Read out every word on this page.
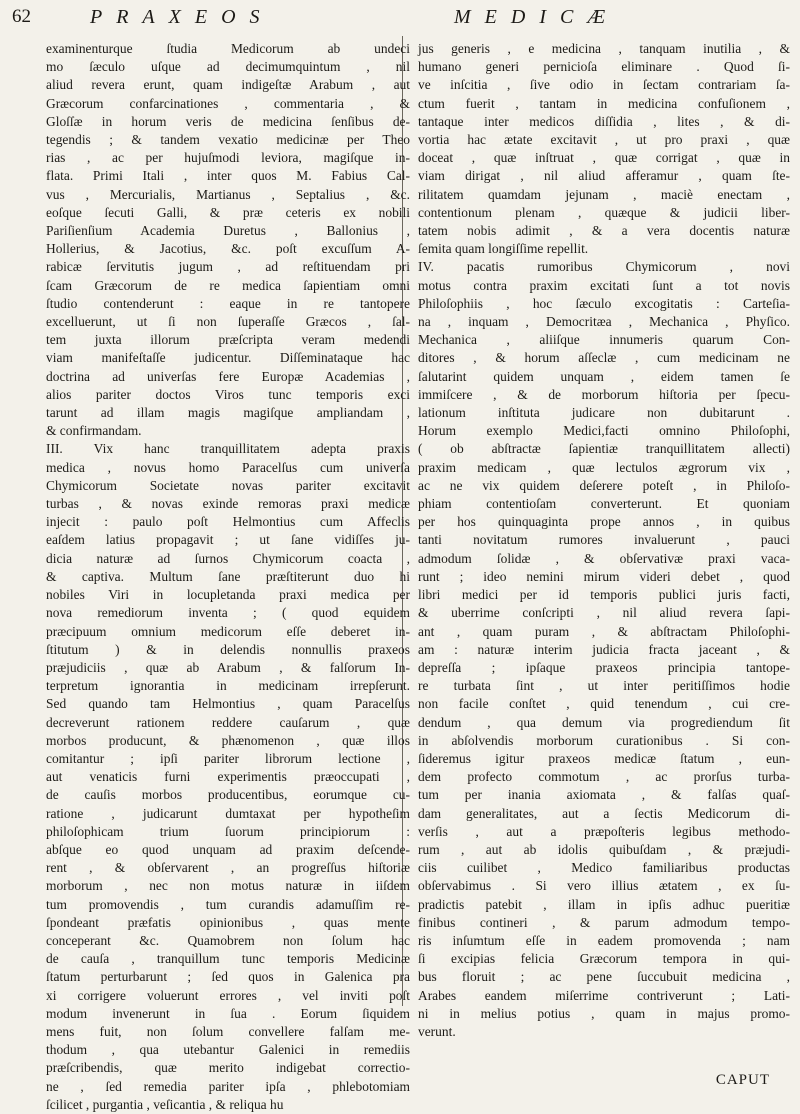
62	PRAXEOS	MEDICÆ
examinenturque ſtudia Medicorum ab undeci
mo ſæculo uſque ad decimumquintum , nil
aliud revera erunt, quam indigeſtæ Arabum , aut
Græcorum confarcinationes , commentaria , &
Gloſſæ in horum veris de medicina ſenſibus de-
tegendis ; & tandem vexatio medicinæ per Theo
rias , ac per hujuſmodi leviora, magiſque in-
flata. Primi Itali , inter quos M. Fabius Cal-
vus , Mercurialis, Martianus , Septalius , &c.
eoſque ſecuti Galli, & præ ceteris ex nobili
Pariſienſium Academia Duretus , Ballonius ,
Hollerius, & Jacotius, &c. poſt excuſſum A-
rabicæ ſervitutis jugum , ad reſtituendam pri
ſcam Græcorum de re medica ſapientiam omni
ſtudio contenderunt : eaque in re tantopere
excelluerunt, ut ſi non ſuperaſſe Græcos , ſal-
tem juxta illorum præſcripta veram medendi
viam manifeſtaſſe judicentur. Diſſeminataque hac
doctrina ad univerſas fere Europæ Academias ,
alios pariter doctos Viros tunc temporis exci
tarunt ad illam magis magiſque ampliandam ,
& confirmandam.
III. Vix hanc tranquillitatem adepta praxis
medica , novus homo Paracelſus cum univerſa
Chymicorum Societate novas pariter excitavit
turbas , & novas exinde remoras praxi medicæ
injecit : paulo poſt Helmontius cum Affeclis
eaſdem latius propagavit ; ut ſane vidiſſes ju-
dicia naturæ ad ſurnos Chymicorum coacta ,
& captiva. Multum ſane præſtiterunt duo hi
nobiles Viri in locupletanda praxi medica per
nova remediorum inventa ; ( quod equidem
præcipuum omnium medicorum eſſe deberet in-
ſtitutum ) & in delendis nonnullis praxeos
præjudiciis , quæ ab Arabum , & falſorum In-
terpretum ignorantia in medicinam irrepſerunt.
Sed quando tam Helmontius , quam Paracelſus
decreverunt rationem reddere cauſarum , quæ
morbos producunt, & phænomenon , quæ illos
comitantur ; ipſi pariter librorum lectione ,
aut venaticis furni experimentis præoccupati ,
de cauſis morbos producentibus, eorumque cu-
ratione , judicarunt dumtaxat per hypotheſim
philoſophicam trium ſuorum principiorum :
abſque eo quod unquam ad praxim deſcende-
rent , & obſervarent , an progreſſus hiſtoriæ
morborum , nec non motus naturæ in iiſdem
tum promovendis , tum curandis adamuſſim re-
ſpondeant præfatis opinionibus , quas mente
conceperant &c. Quamobrem non ſolum hac
de cauſa , tranquillum tunc temporis Medicinæ
ſtatum perturbarunt ; ſed quos in Galenica pra
xi corrigere voluerunt errores , vel inviti poſt
modum invenerunt in ſua . Eorum ſiquidem
mens fuit, non ſolum convellere falſam me-
thodum , qua utebantur Galenici in remediis
præſcribendis, quæ merito indigebat correctio-
ne , ſed remedia pariter ipſa , phlebotomiam
ſcilicet , purgantia , veſicantia , & reliqua hu
jus generis , e medicina , tanquam inutilia , &
humano generi pernicioſa eliminare . Quod ſi-
ve inſcitia , ſive odio in ſectam contrariam ſa-
ctum fuerit , tantam in medicina confuſionem ,
tantaque inter medicos diſſidia , lites , & di-
vortia hac ætate excitavit , ut pro praxi , quæ
doceat , quæ inſtruat , quæ corrigat , quæ in
viam dirigat , nil aliud afferamur , quam ſte-
rilitatem quamdam jejunam , maciè enectam ,
contentionum plenam , quæque & judicii liber-
tatem nobis adimit , & a vera docentis naturæ
ſemita quam longiſſime repellit.
IV. pacatis rumoribus Chymicorum , novi
motus contra praxim excitati ſunt a tot novis
Philoſophiis , hoc ſæculo excogitatis : Carteſia-
na , inquam , Democritæa , Mechanica , Phyſico.
Mechanica , aliiſque innumeris quarum Con-
ditores , & horum aſſeclæ , cum medicinam ne
ſalutarint quidem unquam , eidem tamen ſe
immiſcere , & de morborum hiſtoria per ſpecu-
lationum inſtituta judicare non dubitarunt .
Horum exemplo Medici,facti omnino Philoſophi,
( ob abſtractæ ſapientiæ tranquillitatem allecti)
praxim medicam , quæ lectulos ægrorum vix ,
ac ne vix quidem deſerere poteſt , in Philoſo-
phiam contentioſam converterunt. Et quoniam
per hos quinquaginta prope annos , in quibus
tanti novitatum rumores invaluerunt , pauci
admodum ſolidæ , & obſervativæ praxi vaca-
runt ; ideo nemini mirum videri debet , quod
libri medici per id temporis publici juris facti,
& uberrime conſcripti , nil aliud revera ſapi-
ant , quam puram , & abſtractam Philoſophi-
am : naturæ interim judicia fracta jaceant , &
depreſſa ; ipſaque praxeos principia tantope-
re turbata ſint , ut inter peritiſſimos hodie
non facile conſtet , quid tenendum , cui cre-
dendum , qua demum via progrediendum ſit
in abſolvendis morborum curationibus . Si con-
ſideremus igitur praxeos medicæ ſtatum , eun-
dem profecto commotum , ac prorſus turba-
tum per inania axiomata , & falſas quaſ-
dam generalitates, aut a ſectis Medicorum di-
verſis , aut a præpoſteris legibus methodo-
rum , aut ab idolis quibuſdam , & præjudi-
ciis cuilibet , Medico familiaribus productas
obſervabimus . Si vero illius ætatem , ex ſu-
pradictis patebit , illam in ipſis adhuc pueritiæ
finibus contineri , & parum admodum tempo-
ris inſumtum eſſe in eadem promovenda ; nam
ſi excipias felicia Græcorum tempora in qui-
bus floruit ; ac pene ſuccubuit medicina ,
Arabes eandem miſerrime contriverunt ; Lati-
ni in melius potius , quam in majus promo-
verunt.
CAPUT
